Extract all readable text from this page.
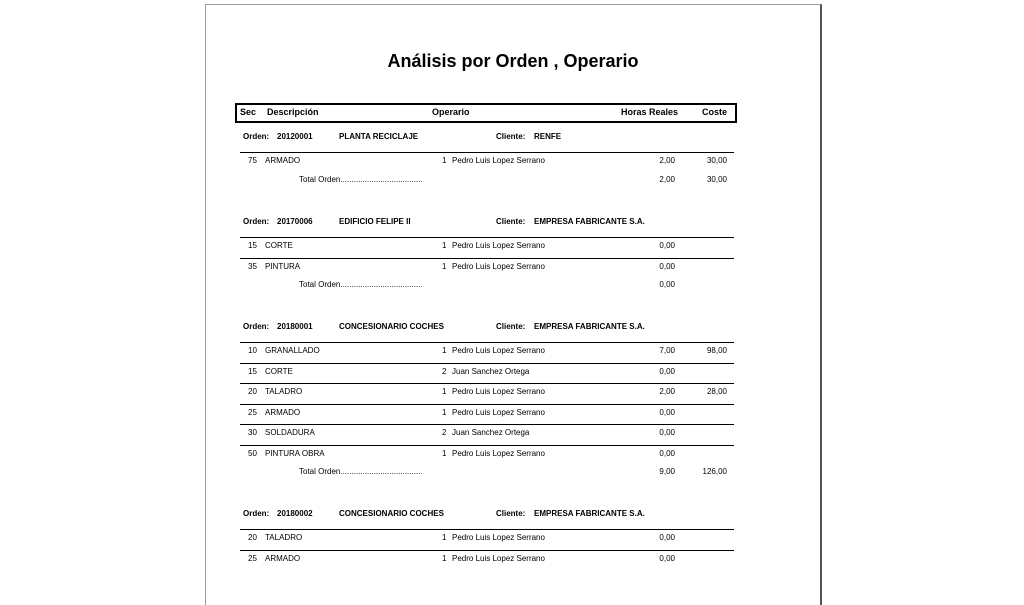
Análisis por Orden , Operario
Sec Descripción	Operario	Horas Reales	Coste
Orden: 20120001	PLANTA RECICLAJE	Cliente: RENFE
75 ARMADO	1 Pedro Luis Lopez Serrano	2,00	30,00
Total Orden.....................................	2,00	30,00
Orden: 20170006	EDIFICIO FELIPE II	Cliente: EMPRESA FABRICANTE S.A.
15 CORTE	1 Pedro Luis Lopez Serrano	0,00
35 PINTURA	1 Pedro Luis Lopez Serrano	0,00
Total Orden.....................................	0,00
Orden: 20180001	CONCESIONARIO COCHES	Cliente: EMPRESA FABRICANTE S.A.
10 GRANALLADO	1 Pedro Luis Lopez Serrano	7,00	98,00
15 CORTE	2 Juan Sanchez Ortega	0,00
20 TALADRO	1 Pedro Luis Lopez Serrano	2,00	28,00
25 ARMADO	1 Pedro Luis Lopez Serrano	0,00
30 SOLDADURA	2 Juan Sanchez Ortega	0,00
50 PINTURA OBRA	1 Pedro Luis Lopez Serrano	0,00
Total Orden.....................................	9,00	126,00
Orden: 20180002	CONCESIONARIO COCHES	Cliente: EMPRESA FABRICANTE S.A.
20 TALADRO	1 Pedro Luis Lopez Serrano	0,00
25 ARMADO	1 Pedro Luis Lopez Serrano	0,00
